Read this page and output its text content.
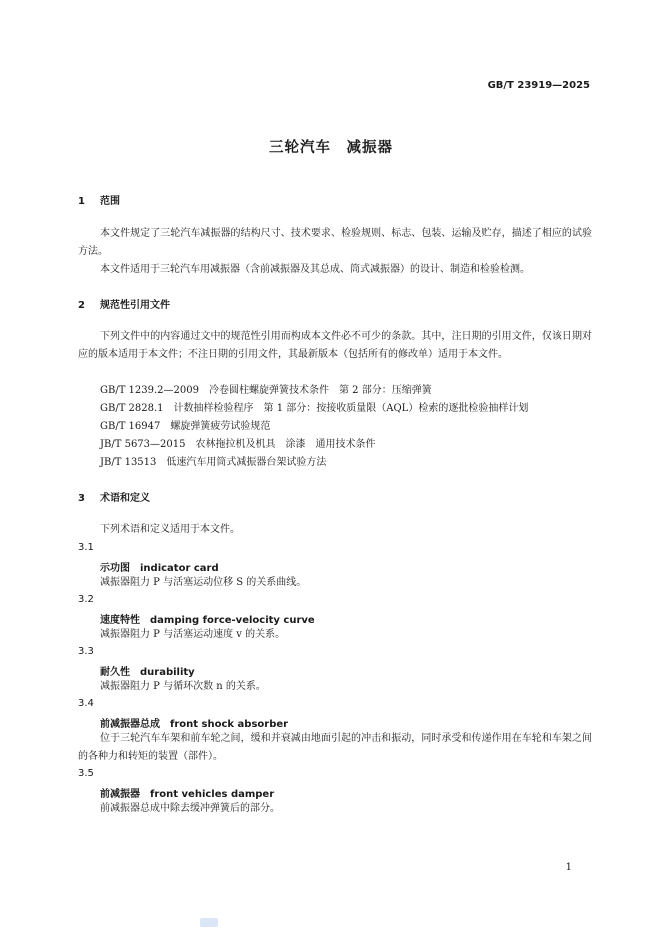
GB/T 23919—2025
三轮汽车　减振器
1 范围
本文件规定了三轮汽车减振器的结构尺寸、技术要求、检验规则、标志、包装、运输及贮存，描述了相应的试验方法。
本文件适用于三轮汽车用减振器（含前减振器及其总成、筒式减振器）的设计、制造和检验检测。
2 规范性引用文件
下列文件中的内容通过文中的规范性引用而构成本文件必不可少的条款。其中，注日期的引用文件，仅该日期对应的版本适用于本文件；不注日期的引用文件，其最新版本（包括所有的修改单）适用于本文件。
GB/T 1239.2—2009　冷卷圆柱螺旋弹簧技术条件　第 2 部分：压缩弹簧
GB/T 2828.1　计数抽样检验程序　第 1 部分：按接收质量限（AQL）检索的逐批检验抽样计划
GB/T 16947　螺旋弹簧疲劳试验规范
JB/T 5673—2015　农林拖拉机及机具　涂漆　通用技术条件
JB/T 13513　低速汽车用筒式减振器台架试验方法
3 术语和定义
下列术语和定义适用于本文件。
3.1
示功图　indicator card
减振器阻力 P 与活塞运动位移 S 的关系曲线。
3.2
速度特性　damping force-velocity curve
减振器阻力 P 与活塞运动速度 v 的关系。
3.3
耐久性　durability
减振器阻力 P 与循环次数 n 的关系。
3.4
前减振器总成　front shock absorber
位于三轮汽车车架和前车轮之间，缓和并衰减由地面引起的冲击和振动，同时承受和传递作用在车轮和车架之间的各种力和转矩的装置（部件）。
3.5
前减振器　front vehicles damper
前减振器总成中除去缓冲弹簧后的部分。
1
